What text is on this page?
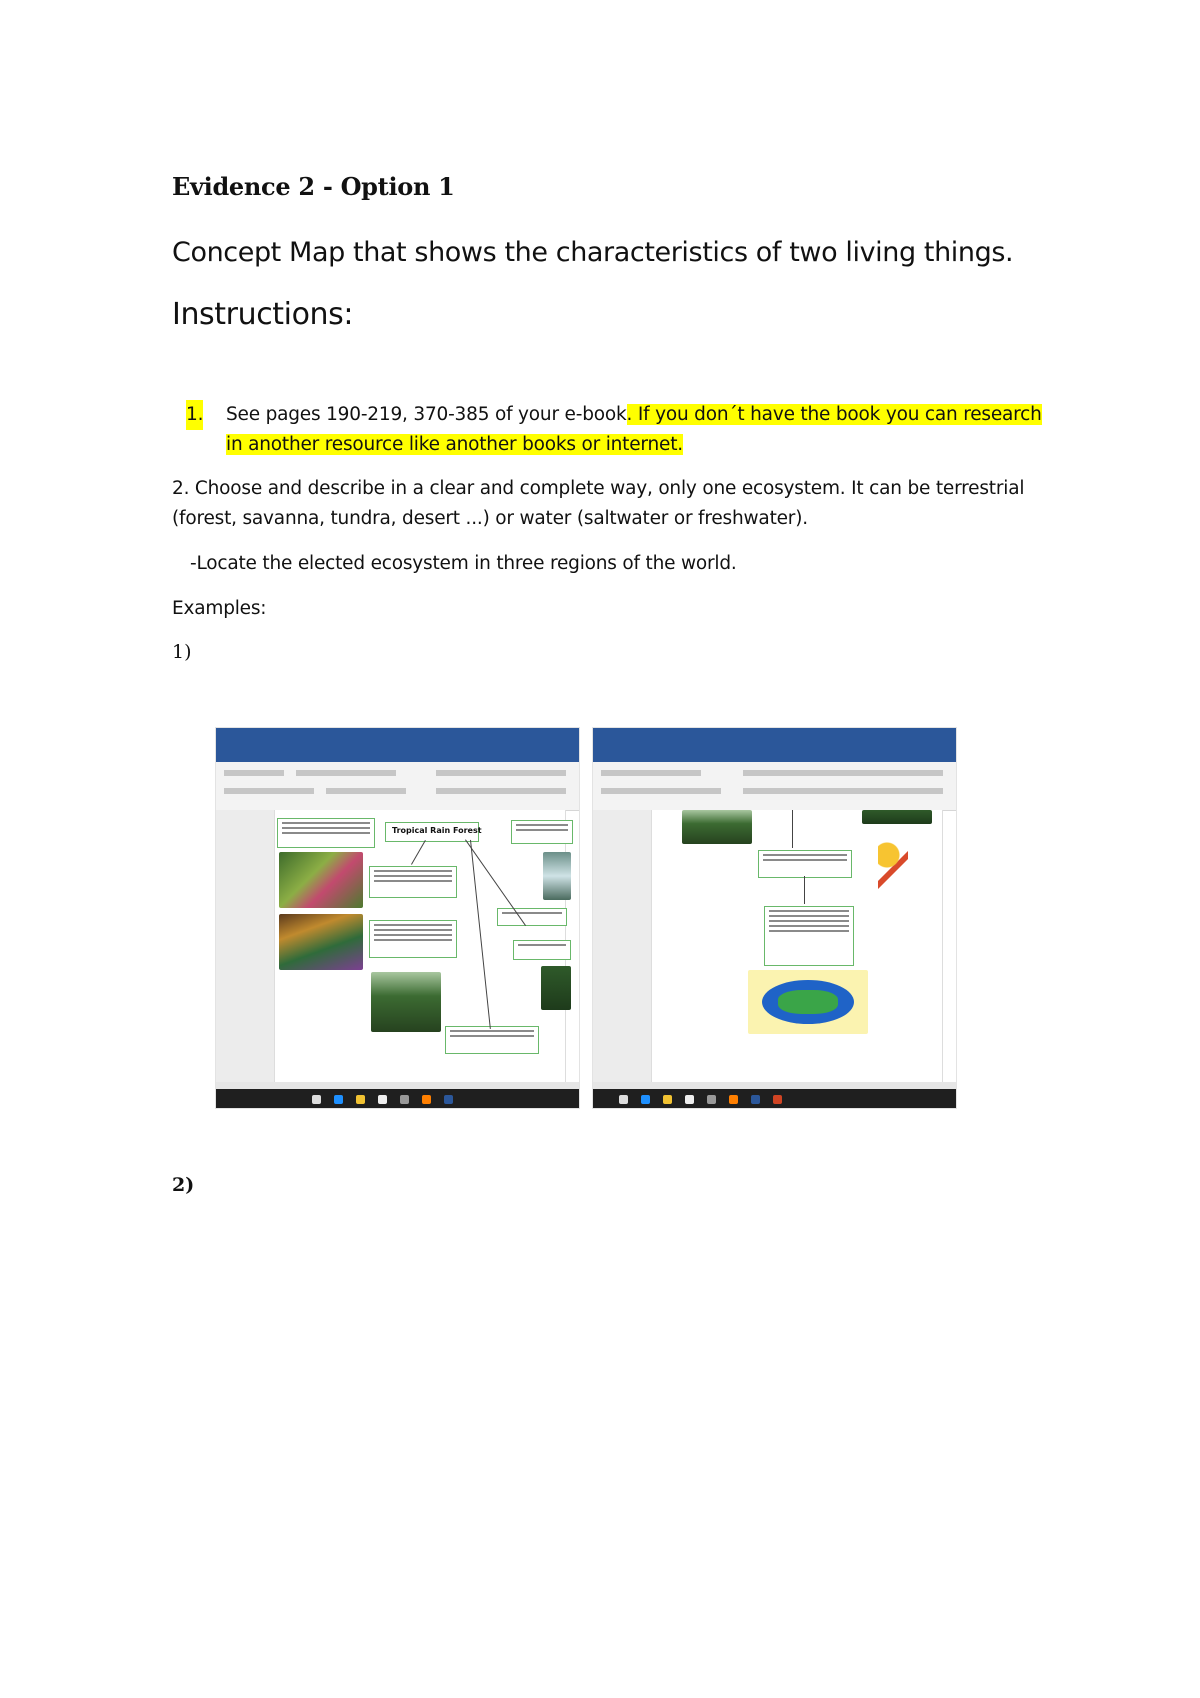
Evidence 2 - Option 1
Concept Map that shows the characteristics of two living things.
Instructions:
1. See pages 190-219, 370-385 of your e-book. If you don´t have the book you can research in another resource like another books or internet.
2. Choose and describe in a clear and complete way, only one ecosystem. It can be terrestrial (forest, savanna, tundra, desert ...) or water (saltwater or freshwater).
-Locate the elected ecosystem in three regions of the world.
Examples:
1)
Tropical Rain Forest
2)
